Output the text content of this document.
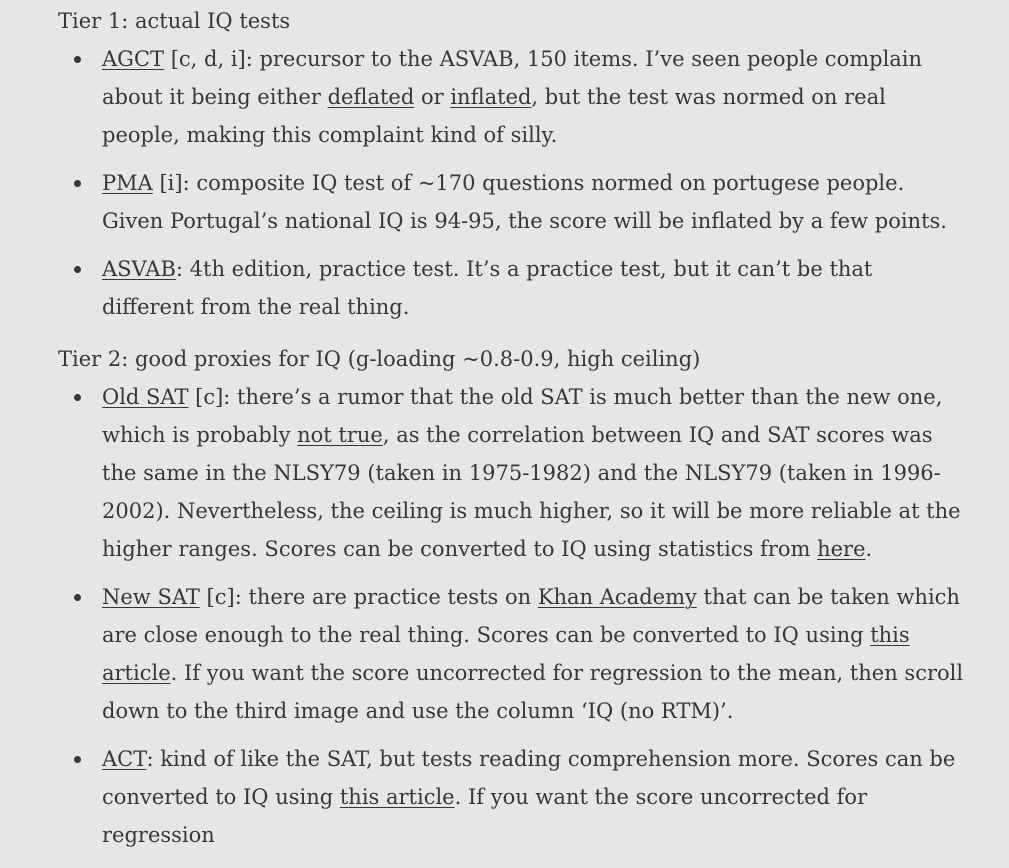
Tier 1: actual IQ tests

AGCT [c, d, i]: precursor to the ASVAB, 150 items. I’ve seen people complain about it being either deflated or inflated, but the test was normed on real people, making this complaint kind of silly.
PMA [i]: composite IQ test of ~170 questions normed on portugese people. Given Portugal’s national IQ is 94-95, the score will be inflated by a few points.
ASVAB: 4th edition, practice test. It’s a practice test, but it can’t be that different from the real thing.

Tier 2: good proxies for IQ (g-loading ~0.8-0.9, high ceiling)

Old SAT [c]: there’s a rumor that the old SAT is much better than the new one, which is probably not true, as the correlation between IQ and SAT scores was the same in the NLSY79 (taken in 1975-1982) and the NLSY79 (taken in 1996-2002). Nevertheless, the ceiling is much higher, so it will be more reliable at the higher ranges. Scores can be converted to IQ using statistics from here.
New SAT [c]: there are practice tests on Khan Academy that can be taken which are close enough to the real thing. Scores can be converted to IQ using this article. If you want the score uncorrected for regression to the mean, then scroll down to the third image and use the column ‘IQ (no RTM)’.
ACT: kind of like the SAT, but tests reading comprehension more. Scores can be converted to IQ using this article. If you want the score uncorrected for regression
